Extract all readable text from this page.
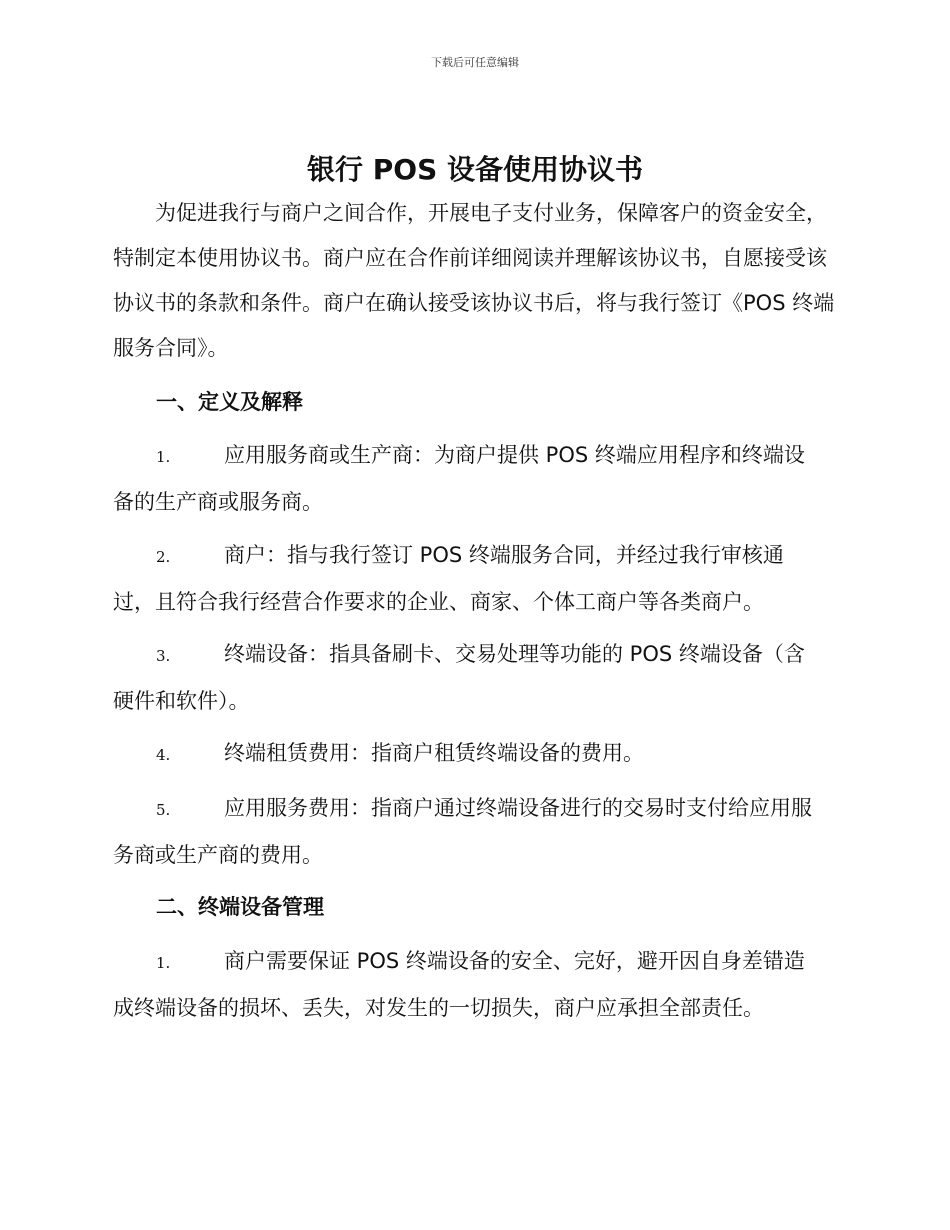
下载后可任意编辑
银行 POS 设备使用协议书
为促进我行与商户之间合作，开展电子支付业务，保障客户的资金安全，特制定本使用协议书。商户应在合作前详细阅读并理解该协议书，自愿接受该协议书的条款和条件。商户在确认接受该协议书后，将与我行签订《POS 终端服务合同》。
一、定义及解释
1.	应用服务商或生产商：为商户提供 POS 终端应用程序和终端设
备的生产商或服务商。
2.	商户：指与我行签订 POS 终端服务合同，并经过我行审核通
过，且符合我行经营合作要求的企业、商家、个体工商户等各类商户。
3.	终端设备：指具备刷卡、交易处理等功能的 POS 终端设备（含
硬件和软件）。
4.	终端租赁费用：指商户租赁终端设备的费用。
5.	应用服务费用：指商户通过终端设备进行的交易时支付给应用服
务商或生产商的费用。
二、终端设备管理
1.	商户需要保证 POS 终端设备的安全、完好，避开因自身差错造
成终端设备的损坏、丢失，对发生的一切损失，商户应承担全部责任。
